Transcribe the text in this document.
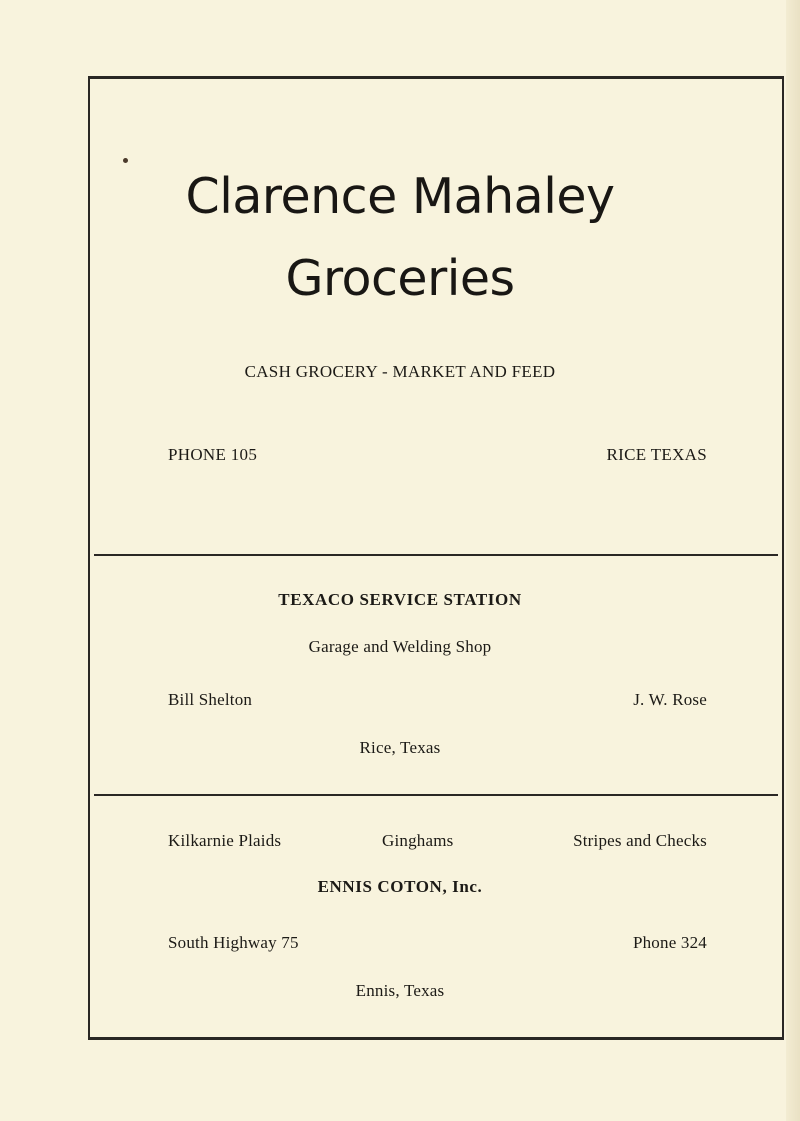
Clarence Mahaley
Groceries
CASH GROCERY - MARKET AND FEED
PHONE 105	RICE TEXAS
TEXACO SERVICE STATION
Garage and Welding Shop
Bill Shelton	J. W. Rose
Rice, Texas
Kilkarnie Plaids	Ginghams	Stripes and Checks
ENNIS COTON, Inc.
South Highway 75	Phone 324
Ennis, Texas
